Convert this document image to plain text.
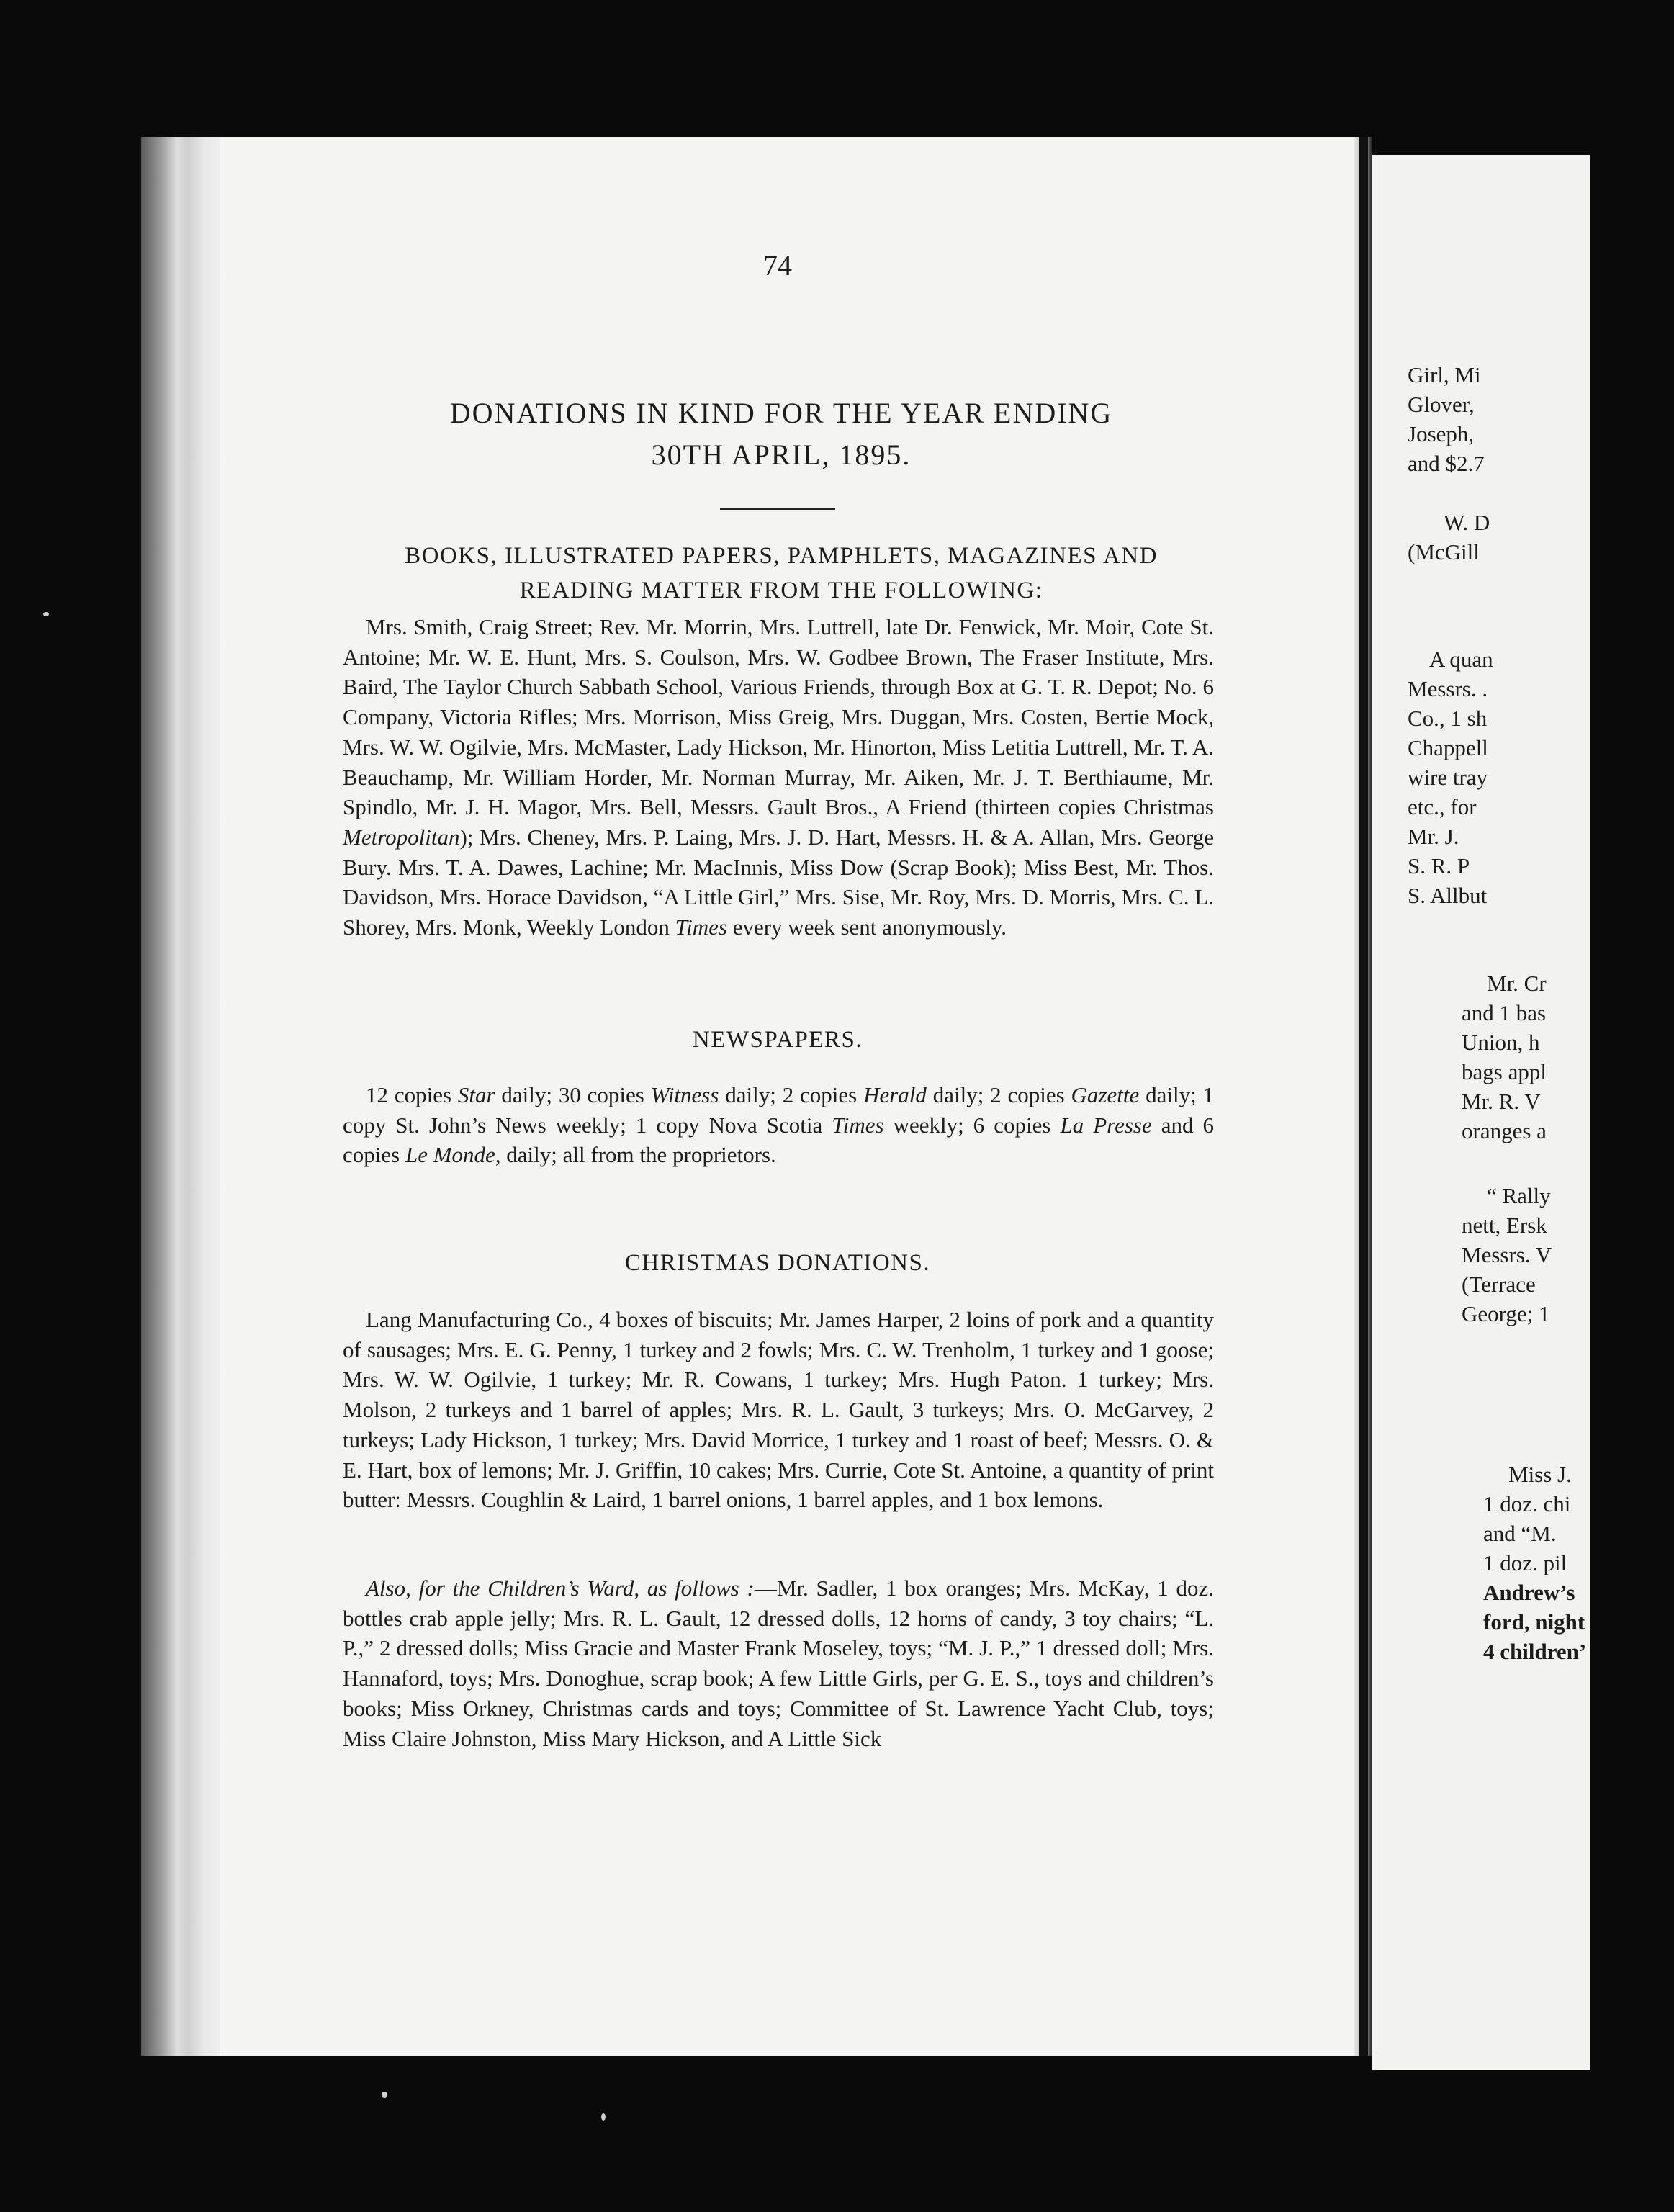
74
DONATIONS IN KIND FOR THE YEAR ENDING
30TH APRIL, 1895.
BOOKS, ILLUSTRATED PAPERS, PAMPHLETS, MAGAZINES AND
READING MATTER FROM THE FOLLOWING:

Mrs. Smith, Craig Street; Rev. Mr. Morrin, Mrs. Luttrell, late Dr. Fenwick, Mr. Moir, Cote St. Antoine; Mr. W. E. Hunt, Mrs. S. Coulson, Mrs. W. Godbee Brown, The Fraser Institute, Mrs. Baird, The Taylor Church Sabbath School, Various Friends, through Box at G. T. R. Depot; No. 6 Company, Victoria Rifles; Mrs. Morrison, Miss Greig, Mrs. Duggan, Mrs. Costen, Bertie Mock, Mrs. W. W. Ogilvie, Mrs. McMaster, Lady Hickson, Mr. Hinorton, Miss Letitia Luttrell, Mr. T. A. Beauchamp, Mr. William Horder, Mr. Norman Murray, Mr. Aiken, Mr. J. T. Berthiaume, Mr. Spindlo, Mr. J. H. Magor, Mrs. Bell, Messrs. Gault Bros., A Friend (thirteen copies Christmas Metropolitan); Mrs. Cheney, Mrs. P. Laing, Mrs. J. D. Hart, Messrs. H. & A. Allan, Mrs. George Bury. Mrs. T. A. Dawes, Lachine; Mr. MacInnis, Miss Dow (Scrap Book); Miss Best, Mr. Thos. Davidson, Mrs. Horace Davidson, “A Little Girl,” Mrs. Sise, Mr. Roy, Mrs. D. Morris, Mrs. C. L. Shorey, Mrs. Monk, Weekly London Times every week sent anonymously.

NEWSPAPERS.

12 copies Star daily; 30 copies Witness daily; 2 copies Herald daily; 2 copies Gazette daily; 1 copy St. John’s News weekly; 1 copy Nova Scotia Times weekly; 6 copies La Presse and 6 copies Le Monde, daily; all from the proprietors.

CHRISTMAS DONATIONS.

Lang Manufacturing Co., 4 boxes of biscuits; Mr. James Harper, 2 loins of pork and a quantity of sausages; Mrs. E. G. Penny, 1 turkey and 2 fowls; Mrs. C. W. Trenholm, 1 turkey and 1 goose; Mrs. W. W. Ogilvie, 1 turkey; Mr. R. Cowans, 1 turkey; Mrs. Hugh Paton. 1 turkey; Mrs. Molson, 2 turkeys and 1 barrel of apples; Mrs. R. L. Gault, 3 turkeys; Mrs. O. McGarvey, 2 turkeys; Lady Hickson, 1 turkey; Mrs. David Morrice, 1 turkey and 1 roast of beef; Messrs. O. & E. Hart, box of lemons; Mr. J. Griffin, 10 cakes; Mrs. Currie, Cote St. Antoine, a quantity of print butter: Messrs. Coughlin & Laird, 1 barrel onions, 1 barrel apples, and 1 box lemons.

Also, for the Children’s Ward, as follows :—Mr. Sadler, 1 box oranges; Mrs. McKay, 1 doz. bottles crab apple jelly; Mrs. R. L. Gault, 12 dressed dolls, 12 horns of candy, 3 toy chairs; “L. P.,” 2 dressed dolls; Miss Gracie and Master Frank Moseley, toys; “M. J. P.,” 1 dressed doll; Mrs. Hannaford, toys; Mrs. Donoghue, scrap book; A few Little Girls, per G. E. S., toys and children’s books; Miss Orkney, Christmas cards and toys; Committee of St. Lawrence Yacht Club, toys; Miss Claire Johnston, Miss Mary Hickson, and A Little Sick

Girl, Mi
Glover,
Joseph,
and $2.7
W. D
(McGill
A quan
Messrs. .
Co., 1 sh
Chappell
wire tray
etc., for
Mr. J.
S. R. P
S. Allbut
Mr. Cr
and 1 bas
Union, h
bags appl
Mr. R. V
oranges a
“ Rally
nett, Ersk
Messrs. V
(Terrace
George; 1
Miss J.
1 doz. chi
and “M.
1 doz. pil
Andrew’s
ford, night
4 children’
